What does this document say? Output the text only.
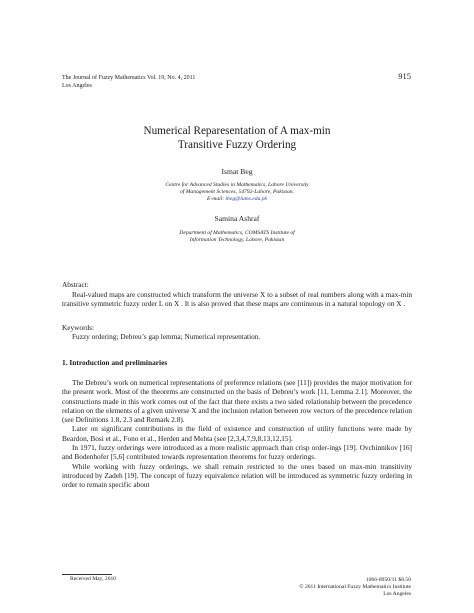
The Journal of Fuzzy Mathematics Vol. 19, No. 4, 2011
Los Angeles
915
Numerical Reparesentation of A max-min
Transitive Fuzzy Ordering
Ismat Beg
Centre for Advanced Studies in Mathematics, Lahore University
of Management Sciences, 54792-Lahore, Pakistan.
E-mail: ibeg@lums.edu.pk
Samina Ashraf
Department of Mathematics, COMSATS Institute of
Information Technology, Lahore, Pakistan
Abstract:

Real-valued maps are constructed which transform the universe X to a subset of real numbers along with a max-min transitive symmetric fuzzy order L on X . It is also proved that these maps are continuous in a natural topology on X .

Keywords:

Fuzzy ordering; Debreu’s gap lemma; Numerical representation.

1. Introduction and preliminaries

The Debreu’s work on numerical representations of preference relations (see [11]) provides the major motivation for the present work. Most of the theorems are constructed on the basis of Debreu’s work [11, Lemma 2.1]. Moreover, the constructions made in this work comes out of the fact that there exists a two sided relationship between the precedence relation on the elements of a given universe X and the inclusion relation between row vectors of the precedence relation (see Definitions 1.8, 2.3 and Remark 2.8).

Later on significant contributions in the field of existence and construction of utility functions were made by Beardon, Bosi et al., Fono et al., Herden and Mehta (see [2,3,4,7,9,8,13,12,15].

In 1971, fuzzy orderings were introduced as a more realistic approach than crisp order-ings [19]. Ovchinnikov [16] and Bodenhofer [5,6] contributed towards representation theorems for fuzzy orderings.

While working with fuzzy orderings, we shall remain restricted to the ones based on max-min transitivity introduced by Zadeh [19]. The concept of fuzzy equivalence relation will be introduced as symmetric fuzzy ordering in order to remain specific about

Received May, 2010	1066-8950/11 $8.50
© 2011 International Fuzzy Mathematics Institute
Los Angeles
